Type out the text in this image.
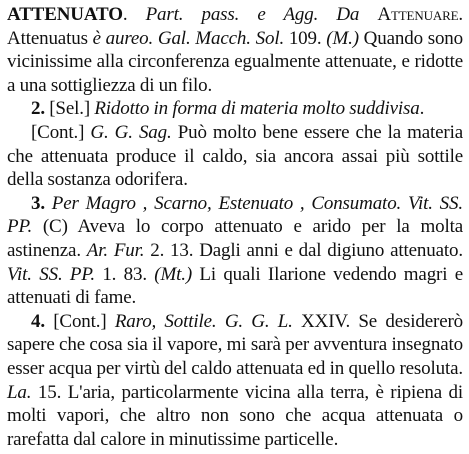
ATTENUATO. Part. pass. e Agg. Da Attenuare. Attenuatus è aureo. Gal. Macch. Sol. 109. (M.) Quando sono vicinissime alla circonferenza egualmente attenuate, e ridotte a una sottigliezza di un filo.
2. [Sel.] Ridotto in forma di materia molto suddivisa.
[Cont.] G. G. Sag. Può molto bene essere che la materia che attenuata produce il caldo, sia ancora assai più sottile della sostanza odorifera.
3. Per Magro , Scarno, Estenuato , Consumato. Vit. SS. PP. (C) Aveva lo corpo attenuato e arido per la molta astinenza. Ar. Fur. 2. 13. Dagli anni e dal digiuno attenuato. Vit. SS. PP. 1. 83. (Mt.) Li quali Ilarione vedendo magri e attenuati di fame.
4. [Cont.] Raro, Sottile. G. G. L. XXIV. Se desidererò sapere che cosa sia il vapore, mi sarà per avventura insegnato esser acqua per virtù del caldo attenuata ed in quello resoluta. La. 15. L'aria, particolarmente vicina alla terra, è ripiena di molti vapori, che altro non sono che acqua attenuata o rarefatta dal calore in minutissime particelle.
